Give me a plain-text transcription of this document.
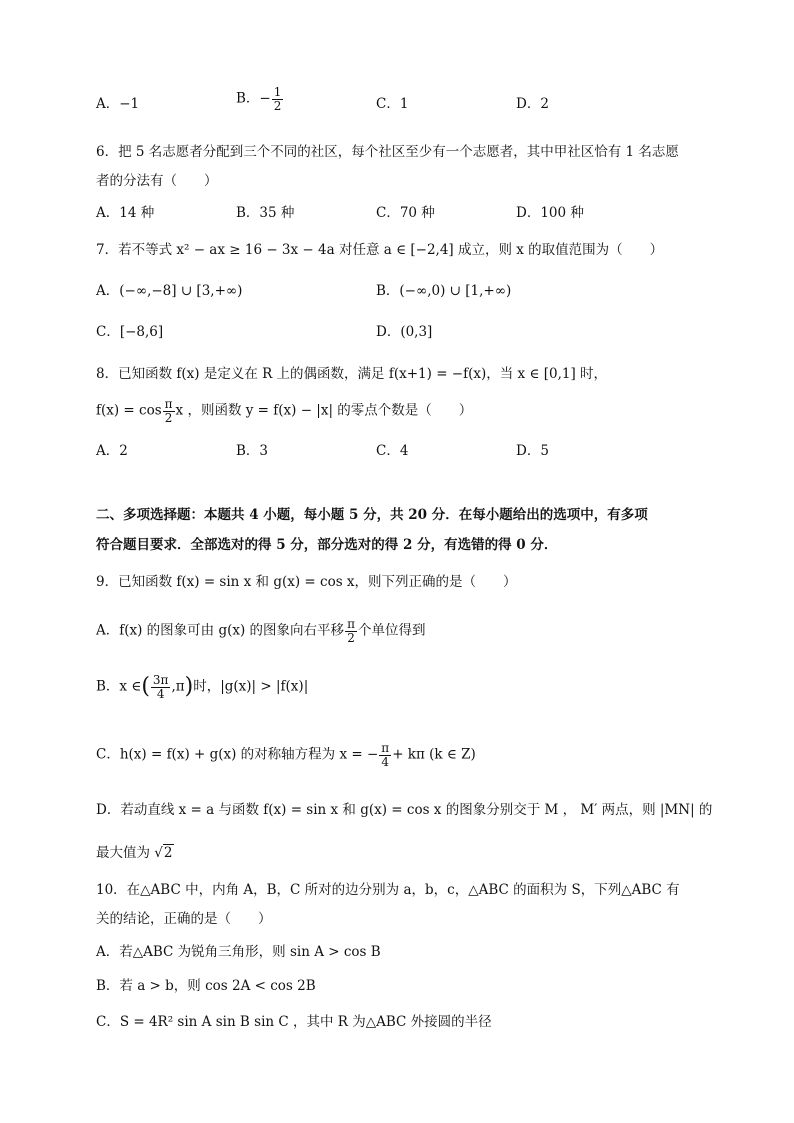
A．−1	B．− $\frac{1}{2}$	C．1	D．2
6．把 5 名志愿者分配到三个不同的社区，每个社区至少有一个志愿者，其中甲社区恰有 1 名志愿
者的分法有（　　）
A．14 种	B．35 种	C．70 种	D．100 种
7．若不等式 x² − ax ≥ 16 − 3x − 4a 对任意 a ∈ [−2,4] 成立，则 x 的取值范围为（　　）
A．(−∞,−8] ∪ [3,+∞)	B．(−∞,0) ∪ [1,+∞)
C．[−8,6]	D．(0,3]
8．已知函数 f(x) 是定义在 R 上的偶函数，满足 f(x+1) = −f(x)，当 x ∈ [0,1] 时，
$f(x) = \cos \frac{\pi}{2}$ x ，则函数 y = f(x) − |x| 的零点个数是（　　）
A．2	B．3	C．4	D．5
二、多项选择题：本题共 4 小题，每小题 5 分，共 20 分．在每小题给出的选项中，有多项
符合题目要求．全部选对的得 5 分，部分选对的得 2 分，有选错的得 0 分．
9．已知函数 f(x) = sin x 和 g(x) = cos x，则下列正确的是（　　）
A．f(x) 的图象可由 g(x) 的图象向右平移 $\frac{\pi}{2}$ 个单位得到
B．x ∈( $\frac{3\pi}{4} ,\pi$)时，|g(x)| > |f(x)|
C．h(x) = f(x) + g(x) 的对称轴方程为 x = − $\frac{\pi}{4} + k\pi$ (k ∈ Z)
D．若动直线 x = a 与函数 f(x) = sin x 和 g(x) = cos x 的图象分别交于 M ， M′ 两点，则 |MN| 的
最大值为 √2
10．在△ABC 中，内角 A，B，C 所对的边分别为 a，b，c，△ABC 的面积为 S，下列△ABC 有
关的结论，正确的是（　　）
A．若△ABC 为锐角三角形，则 sin A > cos B
B．若 a > b，则 cos 2A < cos 2B
C．S = 4R² sin A sin B sin C ，其中 R 为△ABC 外接圆的半径
